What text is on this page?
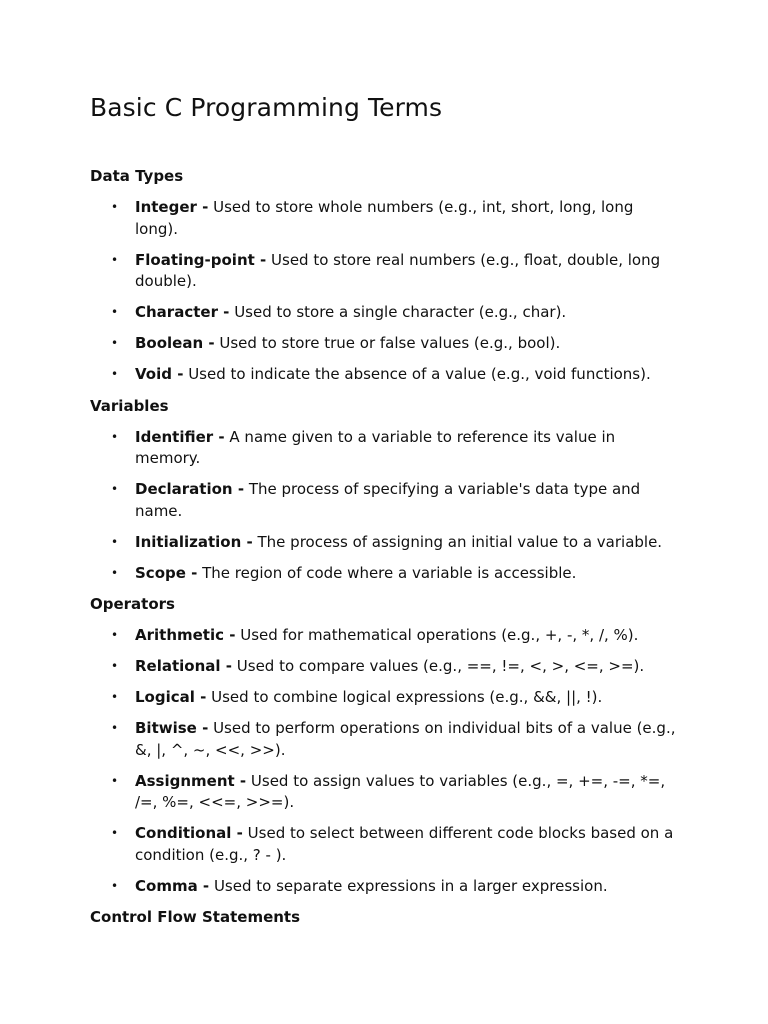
Basic C Programming Terms
Data Types
• Integer - Used to store whole numbers (e.g., int, short, long, long long).
• Floating-point - Used to store real numbers (e.g., float, double, long double).
• Character - Used to store a single character (e.g., char).
• Boolean - Used to store true or false values (e.g., bool).
• Void - Used to indicate the absence of a value (e.g., void functions).
Variables
• Identifier - A name given to a variable to reference its value in memory.
• Declaration - The process of specifying a variable's data type and name.
• Initialization - The process of assigning an initial value to a variable.
• Scope - The region of code where a variable is accessible.
Operators
• Arithmetic - Used for mathematical operations (e.g., +, -, *, /, %).
• Relational - Used to compare values (e.g., ==, !=, <, >, <=, >=).
• Logical - Used to combine logical expressions (e.g., &&, ||, !).
• Bitwise - Used to perform operations on individual bits of a value (e.g., &, |, ^, ~, <<, >>).
• Assignment - Used to assign values to variables (e.g., =, +=, -=, *=, /=, %=, <<=, >>=).
• Conditional - Used to select between different code blocks based on a condition (e.g., ? - ).
• Comma - Used to separate expressions in a larger expression.
Control Flow Statements
